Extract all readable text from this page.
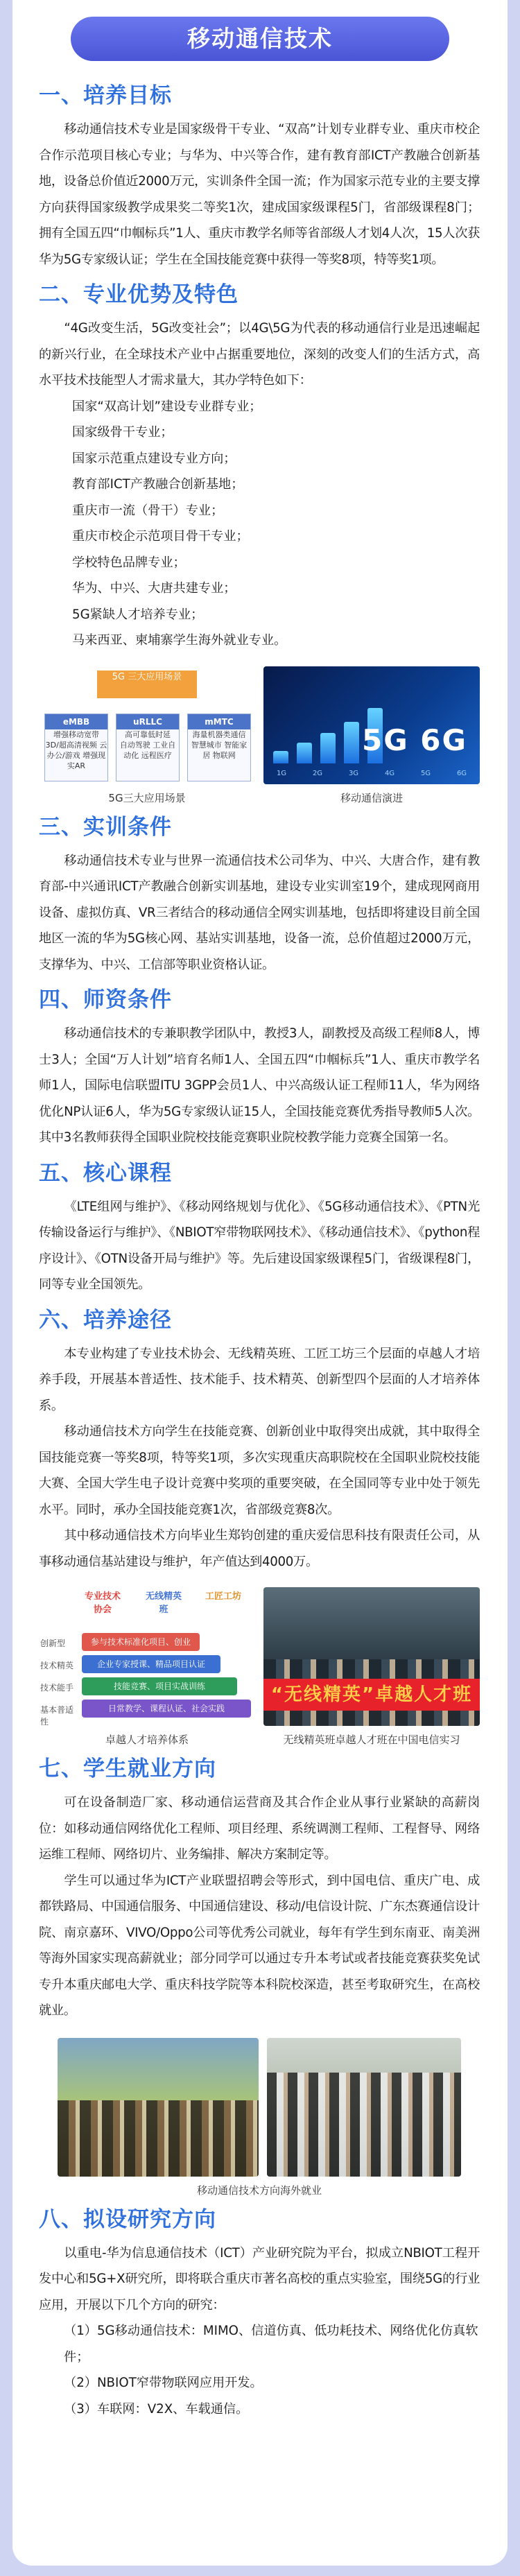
移动通信技术
一、培养目标

移动通信技术专业是国家级骨干专业、“双高”计划专业群专业、重庆市校企合作示范项目核心专业；与华为、中兴等合作，建有教育部ICT产教融合创新基地，设备总价值近2000万元，实训条件全国一流；作为国家示范专业的主要支撑方向获得国家级教学成果奖二等奖1次，建成国家级课程5门，省部级课程8门；拥有全国五四“巾帼标兵”1人、重庆市教学名师等省部级人才划4人次，15人次获华为5G专家级认证；学生在全国技能竞赛中获得一等奖8项，特等奖1项。

二、专业优势及特色

“4G改变生活，5G改变社会”；以4G\5G为代表的移动通信行业是迅速崛起的新兴行业，在全球技术产业中占据重要地位，深刻的改变人们的生活方式，高水平技术技能型人才需求量大，其办学特色如下：

国家“双高计划”建设专业群专业；
国家级骨干专业；
国家示范重点建设专业方向；
教育部ICT产教融合创新基地；
重庆市一流（骨干）专业；
重庆市校企示范项目骨干专业；
学校特色品牌专业；
华为、中兴、大唐共建专业；
5G紧缺人才培养专业；
马来西亚、柬埔寨学生海外就业专业。
5G 三大应用场景
eMBB
增强移动宽带
3D/超高清视频 云办公/游戏 增强现实AR
uRLLC
高可靠低时延
自动驾驶 工业自动化 远程医疗
mMTC
海量机器类通信
智慧城市 智能家居 物联网
5G三大应用场景
5G 6G
1G	2G	3G	4G	5G	6G
移动通信演进
三、实训条件

移动通信技术专业与世界一流通信技术公司华为、中兴、大唐合作，建有教育部-中兴通讯ICT产教融合创新实训基地，建设专业实训室19个，建成现网商用设备、虚拟仿真、VR三者结合的移动通信全网实训基地，包括即将建设目前全国地区一流的华为5G核心网、基站实训基地，设备一流，总价值超过2000万元，支撑华为、中兴、工信部等职业资格认证。

四、师资条件

移动通信技术的专兼职教学团队中，教授3人，副教授及高级工程师8人，博士3人；全国“万人计划”培育名师1人、全国五四“巾帼标兵”1人、重庆市教学名师1人，国际电信联盟ITU 3GPP会员1人、中兴高级认证工程师11人，华为网络优化NP认证6人，华为5G专家级认证15人，全国技能竞赛优秀指导教师5人次。其中3名教师获得全国职业院校技能竞赛职业院校教学能力竞赛全国第一名。

五、核心课程

《LTE组网与维护》、《移动网络规划与优化》、《5G移动通信技术》、《PTN光传输设备运行与维护》、《NBIOT窄带物联网技术》、《移动通信技术》、《python程序设计》、《OTN设备开局与维护》等。先后建设国家级课程5门，省级课程8门，同等专业全国领先。

六、培养途径

本专业构建了专业技术协会、无线精英班、工匠工坊三个层面的卓越人才培养手段，开展基本普适性、技术能手、技术精英、创新型四个层面的人才培养体系。

移动通信技术方向学生在技能竞赛、创新创业中取得突出成就，其中取得全国技能竞赛一等奖8项，特等奖1项，多次实现重庆高职院校在全国职业院校技能大赛、全国大学生电子设计竞赛中奖项的重要突破，在全国同等专业中处于领先水平。同时，承办全国技能竞赛1次，省部级竞赛8次。

其中移动通信技术方向毕业生郑钧创建的重庆爱信思科技有限责任公司，从事移动通信基站建设与维护，年产值达到4000万。

专业技术协会
无线精英班
工匠工坊
创新型	参与技术标准化项目、创业
技术精英	企业专家授课、精品项目认证
技术能手	技能竞赛、项目实战训练
基本普适性
日常教学、课程认证、社会实践
卓越人才培养体系
“无线精英”卓越人才班
无线精英班卓越人才班在中国电信实习
七、学生就业方向

可在设备制造厂家、移动通信运营商及其合作企业从事行业紧缺的高薪岗位：如移动通信网络优化工程师、项目经理、系统调测工程师、工程督导、网络运维工程师、网络切片、业务编排、解决方案制定等。

学生可以通过华为ICT产业联盟招聘会等形式，到中国电信、重庆广电、成都铁路局、中国通信服务、中国通信建设、移动/电信设计院、广东杰赛通信设计院、南京嘉环、VIVO/Oppo公司等优秀公司就业，每年有学生到东南亚、南美洲等海外国家实现高薪就业；部分同学可以通过专升本考试或者技能竞赛获奖免试专升本重庆邮电大学、重庆科技学院等本科院校深造，甚至考取研究生，在高校就业。

移动通信技术方向海外就业
八、拟设研究方向

以重电-华为信息通信技术（ICT）产业研究院为平台，拟成立NBIOT工程开发中心和5G+X研究所，即将联合重庆市著名高校的重点实验室，围绕5G的行业应用，开展以下几个方向的研究：

（1）5G移动通信技术：MIMO、信道仿真、低功耗技术、网络优化仿真软件；
（2）NBIOT窄带物联网应用开发。
（3）车联网：V2X、车载通信。
